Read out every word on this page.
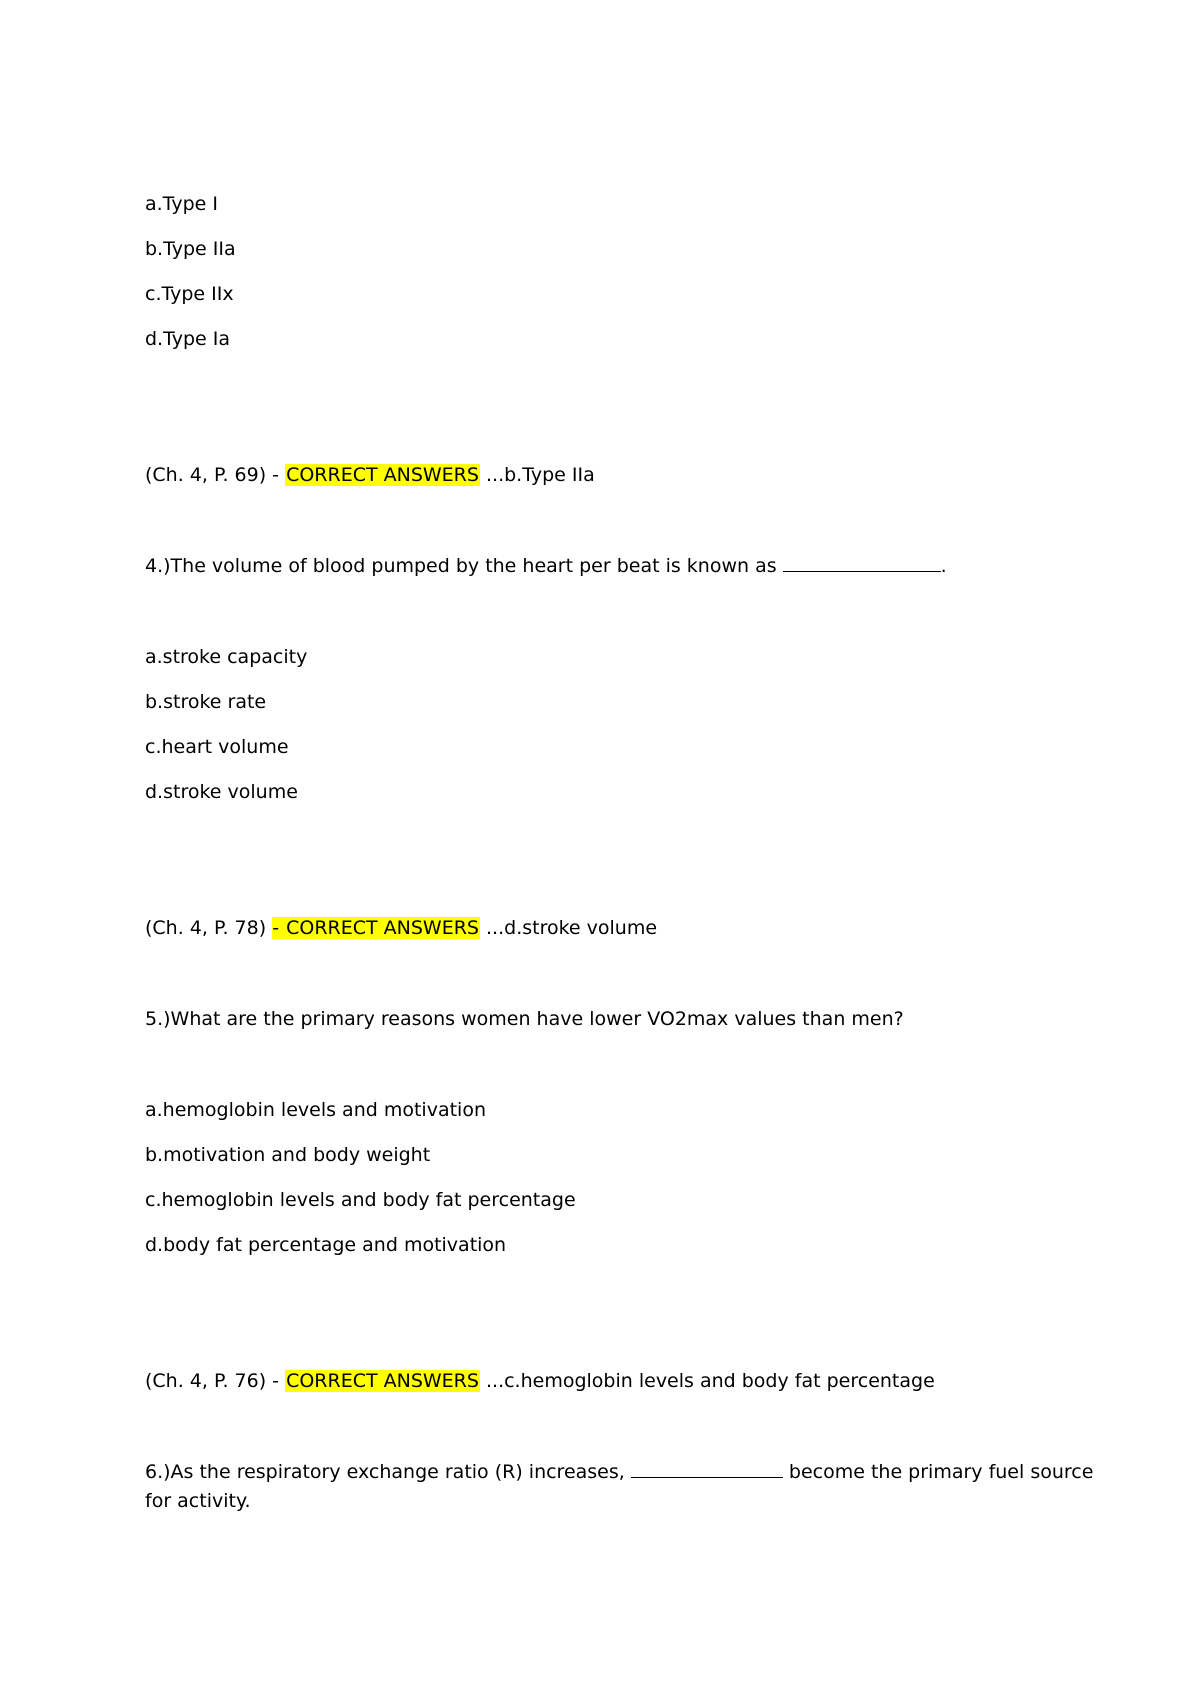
a.Type I
b.Type IIa
c.Type IIx
d.Type Ia
(Ch. 4, P. 69) - CORRECT ANSWERS ...b.Type IIa
4.)The volume of blood pumped by the heart per beat is known as	.
a.stroke capacity
b.stroke rate
c.heart volume
d.stroke volume
(Ch. 4, P. 78) - CORRECT ANSWERS ...d.stroke volume
5.)What are the primary reasons women have lower VO2max values than men?
a.hemoglobin levels and motivation
b.motivation and body weight
c.hemoglobin levels and body fat percentage
d.body fat percentage and motivation
(Ch. 4, P. 76) - CORRECT ANSWERS ...c.hemoglobin levels and body fat percentage
6.)As the respiratory exchange ratio (R) increases,	become the primary fuel source
for activity.
